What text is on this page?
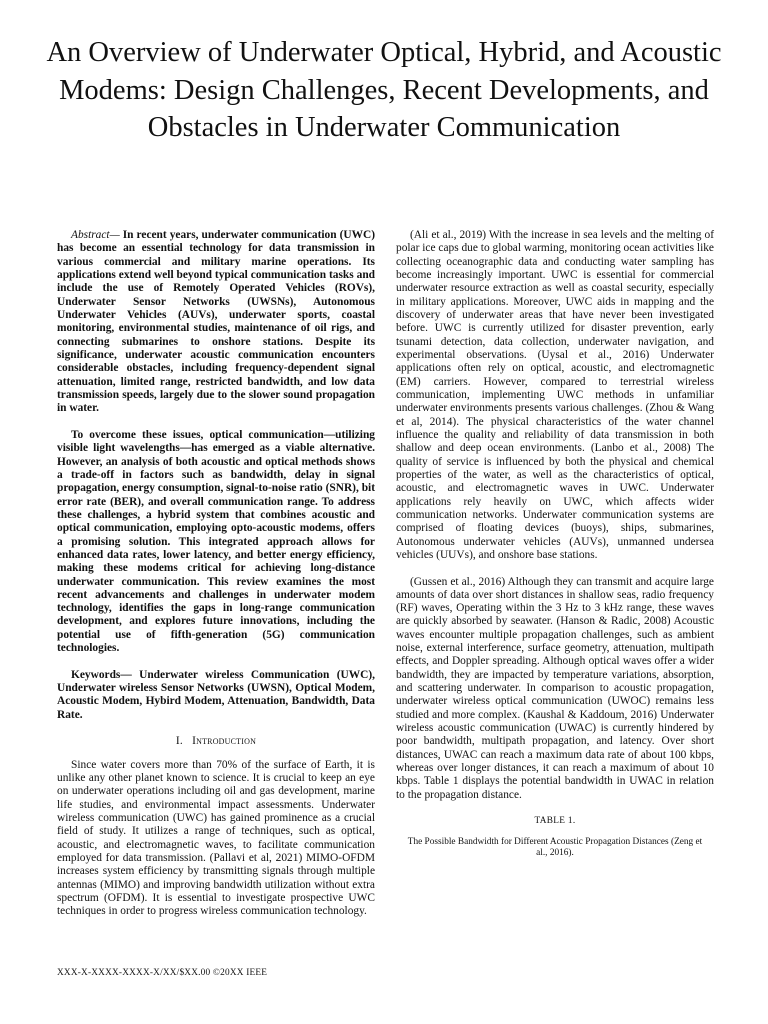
An Overview of Underwater Optical, Hybrid, and Acoustic Modems: Design Challenges, Recent Developments, and Obstacles in Underwater Communication

Abstract— In recent years, underwater communication (UWC) has become an essential technology for data transmission in various commercial and military marine operations. Its applications extend well beyond typical communication tasks and include the use of Remotely Operated Vehicles (ROVs), Underwater Sensor Networks (UWSNs), Autonomous Underwater Vehicles (AUVs), underwater sports, coastal monitoring, environmental studies, maintenance of oil rigs, and connecting submarines to onshore stations. Despite its significance, underwater acoustic communication encounters considerable obstacles, including frequency-dependent signal attenuation, limited range, restricted bandwidth, and low data transmission speeds, largely due to the slower sound propagation in water.

To overcome these issues, optical communication—utilizing visible light wavelengths—has emerged as a viable alternative. However, an analysis of both acoustic and optical methods shows a trade-off in factors such as bandwidth, delay in signal propagation, energy consumption, signal-to-noise ratio (SNR), bit error rate (BER), and overall communication range. To address these challenges, a hybrid system that combines acoustic and optical communication, employing opto-acoustic modems, offers a promising solution. This integrated approach allows for enhanced data rates, lower latency, and better energy efficiency, making these modems critical for achieving long-distance underwater communication. This review examines the most recent advancements and challenges in underwater modem technology, identifies the gaps in long-range communication development, and explores future innovations, including the potential use of fifth-generation (5G) communication technologies.

Keywords— Underwater wireless Communication (UWC), Underwater wireless Sensor Networks (UWSN), Optical Modem, Acoustic Modem, Hybird Modem, Attenuation, Bandwidth, Data Rate.

I. Introduction

Since water covers more than 70% of the surface of Earth, it is unlike any other planet known to science. It is crucial to keep an eye on underwater operations including oil and gas development, marine life studies, and environmental impact assessments. Underwater wireless communication (UWC) has gained prominence as a crucial field of study. It utilizes a range of techniques, such as optical, acoustic, and electromagnetic waves, to facilitate communication employed for data transmission. (Pallavi et al, 2021) MIMO-OFDM increases system efficiency by transmitting signals through multiple antennas (MIMO) and improving bandwidth utilization without extra spectrum (OFDM). It is essential to investigate prospective UWC techniques in order to progress wireless communication technology.

(Ali et al., 2019) With the increase in sea levels and the melting of polar ice caps due to global warming, monitoring ocean activities like collecting oceanographic data and conducting water sampling has become increasingly important. UWC is essential for commercial underwater resource extraction as well as coastal security, especially in military applications. Moreover, UWC aids in mapping and the discovery of underwater areas that have never been investigated before. UWC is currently utilized for disaster prevention, early tsunami detection, data collection, underwater navigation, and experimental observations. (Uysal et al., 2016) Underwater applications often rely on optical, acoustic, and electromagnetic (EM) carriers. However, compared to terrestrial wireless communication, implementing UWC methods in unfamiliar underwater environments presents various challenges. (Zhou & Wang et al, 2014). The physical characteristics of the water channel influence the quality and reliability of data transmission in both shallow and deep ocean environments. (Lanbo et al., 2008) The quality of service is influenced by both the physical and chemical properties of the water, as well as the characteristics of optical, acoustic, and electromagnetic waves in UWC. Underwater applications rely heavily on UWC, which affects wider communication networks. Underwater communication systems are comprised of floating devices (buoys), ships, submarines, Autonomous underwater vehicles (AUVs), unmanned undersea vehicles (UUVs), and onshore base stations.

(Gussen et al., 2016) Although they can transmit and acquire large amounts of data over short distances in shallow seas, radio frequency (RF) waves, Operating within the 3 Hz to 3 kHz range, these waves are quickly absorbed by seawater. (Hanson & Radic, 2008) Acoustic waves encounter multiple propagation challenges, such as ambient noise, external interference, surface geometry, attenuation, multipath effects, and Doppler spreading. Although optical waves offer a wider bandwidth, they are impacted by temperature variations, absorption, and scattering underwater. In comparison to acoustic propagation, underwater wireless optical communication (UWOC) remains less studied and more complex. (Kaushal & Kaddoum, 2016) Underwater wireless acoustic communication (UWAC) is currently hindered by poor bandwidth, multipath propagation, and latency. Over short distances, UWAC can reach a maximum data rate of about 100 kbps, whereas over longer distances, it can reach a maximum of about 10 kbps. Table 1 displays the potential bandwidth in UWAC in relation to the propagation distance.

TABLE 1.
The Possible Bandwidth for Different Acoustic Propagation Distances (Zeng et al., 2016).
XXX-X-XXXX-XXXX-X/XX/$XX.00 ©20XX IEEE
